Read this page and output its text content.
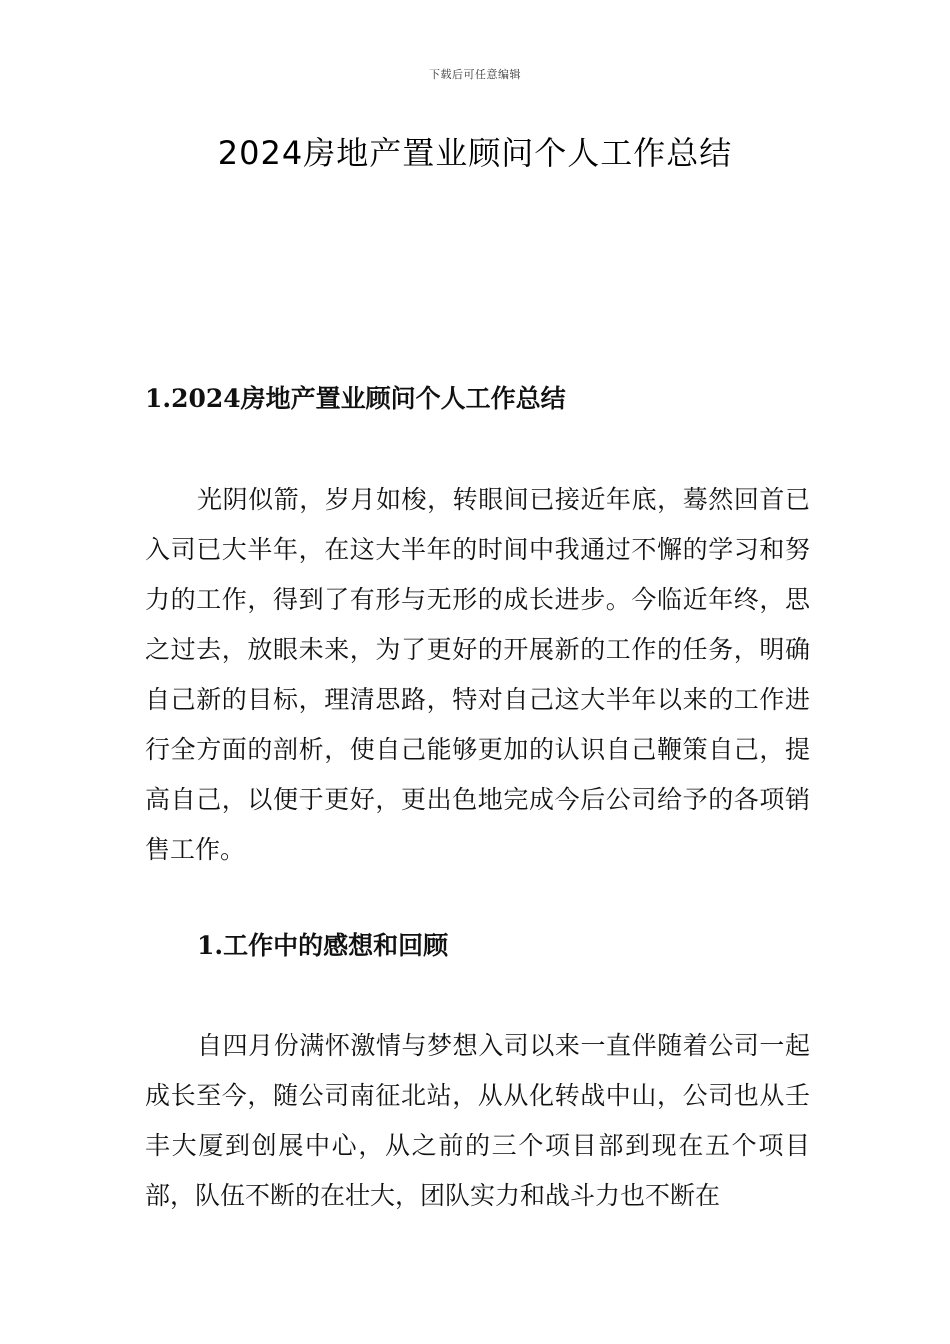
下载后可任意编辑
2024房地产置业顾问个人工作总结
1.2024房地产置业顾问个人工作总结

光阴似箭，岁月如梭，转眼间已接近年底，蓦然回首已入司已大半年，在这大半年的时间中我通过不懈的学习和努力的工作，得到了有形与无形的成长进步。今临近年终，思之过去，放眼未来，为了更好的开展新的工作的任务，明确自己新的目标，理清思路，特对自己这大半年以来的工作进行全方面的剖析，使自己能够更加的认识自己鞭策自己，提高自己，以便于更好，更出色地完成今后公司给予的各项销售工作。

1.工作中的感想和回顾

自四月份满怀激情与梦想入司以来一直伴随着公司一起成长至今，随公司南征北站，从从化转战中山，公司也从壬丰大厦到创展中心，从之前的三个项目部到现在五个项目部，队伍不断的在壮大，团队实力和战斗力也不断在
